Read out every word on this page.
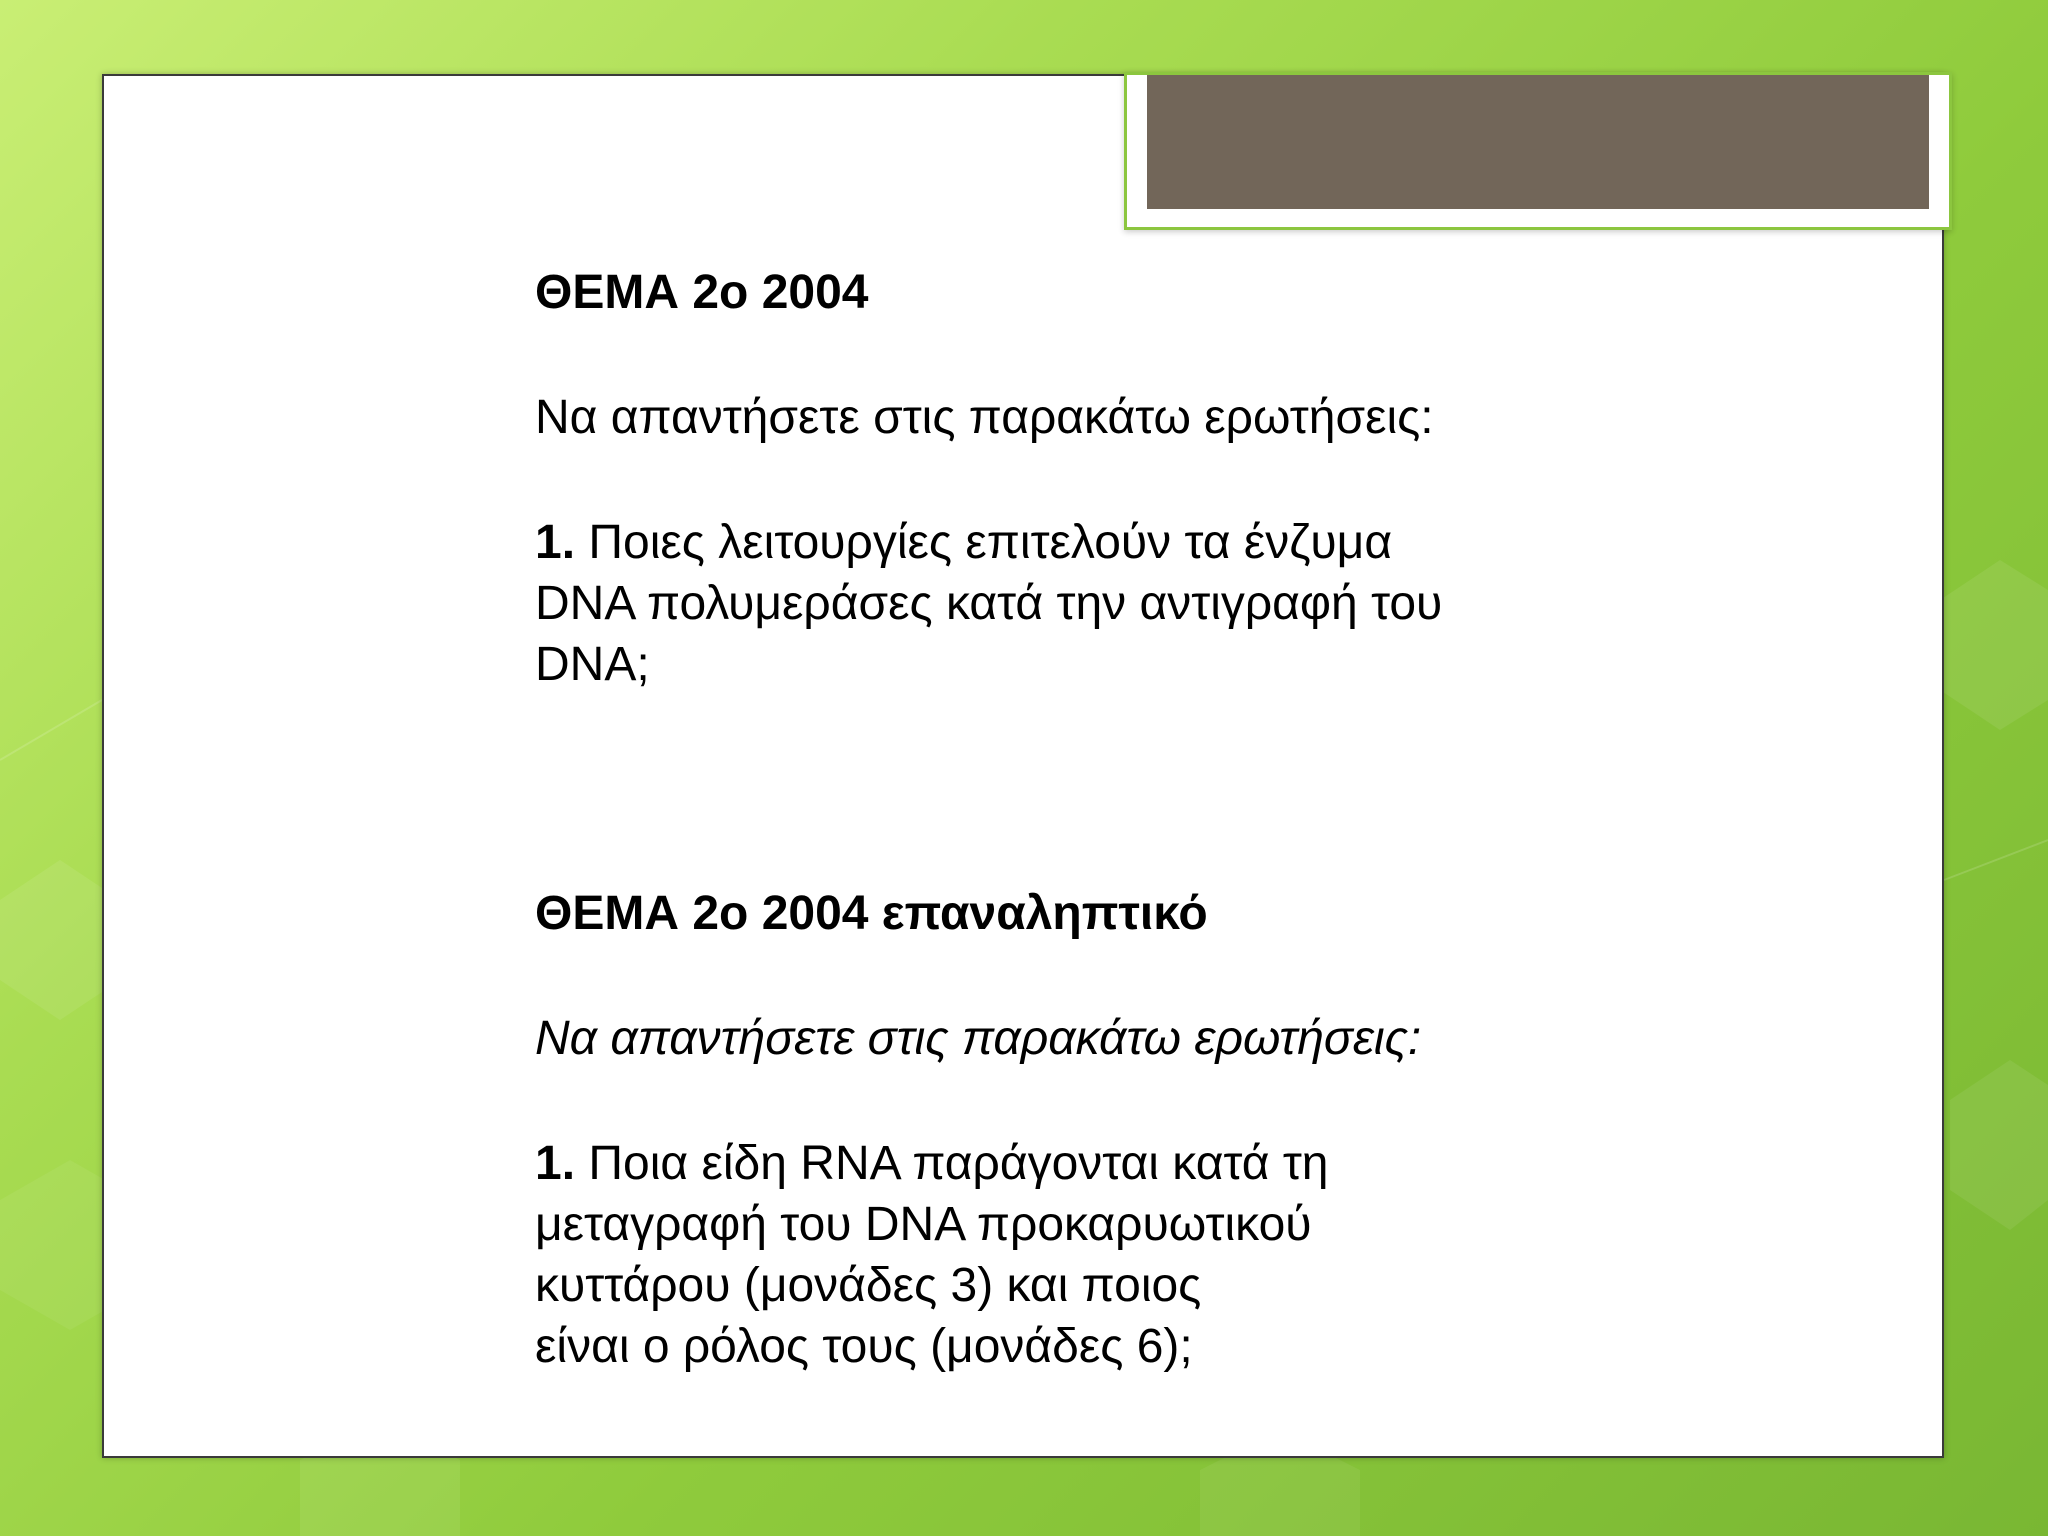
ΘΕΜΑ 2ο 2004

Να απαντήσετε στις παρακάτω ερωτήσεις:

1. Ποιες λειτουργίες επιτελούν τα ένζυμα

DNA πολυμεράσες κατά την αντιγραφή του

DNA;

ΘΕΜΑ 2ο 2004 επαναληπτικό

Να απαντήσετε στις παρακάτω ερωτήσεις:

1. Ποια είδη RNA παράγονται κατά τη

μεταγραφή του DNA προκαρυωτικού

κυττάρου (μονάδες 3) και ποιος

είναι ο ρόλος τους (μονάδες 6);
